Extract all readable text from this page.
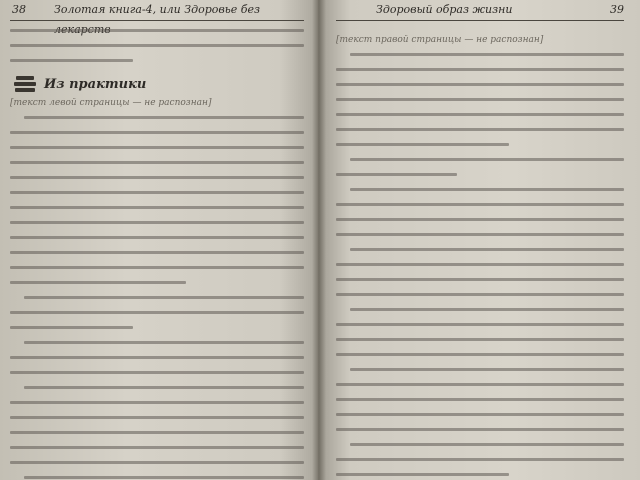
38	Золотая книга-4, или Здоровье без
Из практики
[текст левой страницы — не распознан]
Здоровый образ жизни	39
[текст правой страницы — не распознан]
